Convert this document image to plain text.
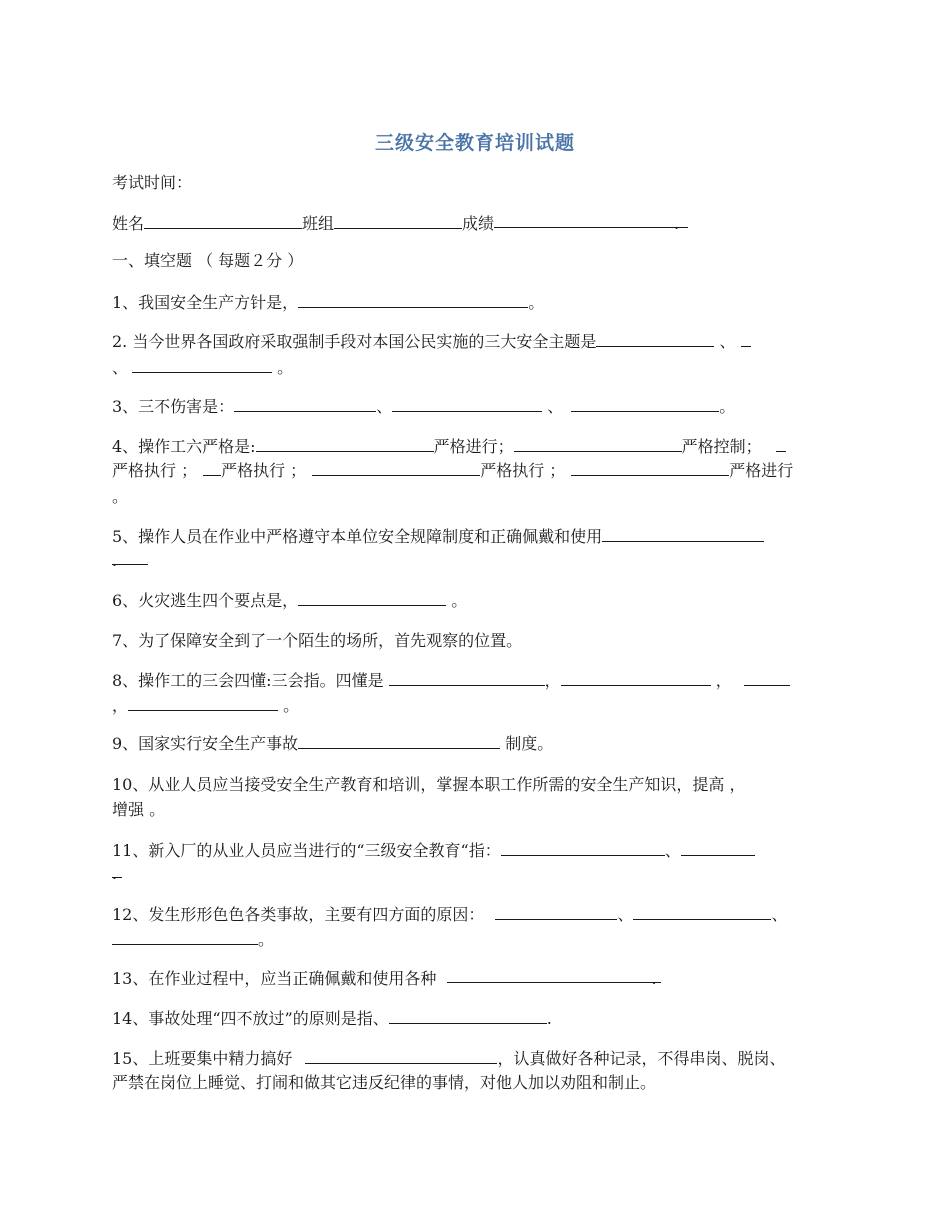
三级安全教育培训试题
考试时间：
姓名	班组	成绩	.
一、填空题 （ 每题２分 ）
1、我国安全生产方针是，	。
2. 当今世界各国政府采取强制手段对本国公民实施的三大安全主题是	、
、	。
3、三不伤害是：	、	、	。
4、操作工六严格是:	严格进行；	严格控制；
严格执行 ； 严格执行 ；	严格执行 ；	严格进行
。
5、操作人员在作业中严格遵守本单位安全规障制度和正确佩戴和使用
.
6、火灾逃生四个要点是，	。
7、为了保障安全到了一个陌生的场所，首先观察的位置。
8、操作工的三会四懂:三会指。四懂是	，	，
，	。
9、国家实行安全生产事故	制度。
10、从业人员应当接受安全生产教育和培训，掌握本职工作所需的安全生产知识，提高 ，
增强 。
11、新入厂的从业人员应当进行的“三级安全教育“指：	、
.
12、发生形形色色各类事故，主要有四方面的原因：	、	、
。
13、在作业过程中，应当正确佩戴和使用各种	.
14、事故处理“四不放过”的原则是指、	.
15、上班要集中精力搞好	，认真做好各种记录，不得串岗、脱岗、
严禁在岗位上睡觉、打闹和做其它违反纪律的事情，对他人加以劝阻和制止。
